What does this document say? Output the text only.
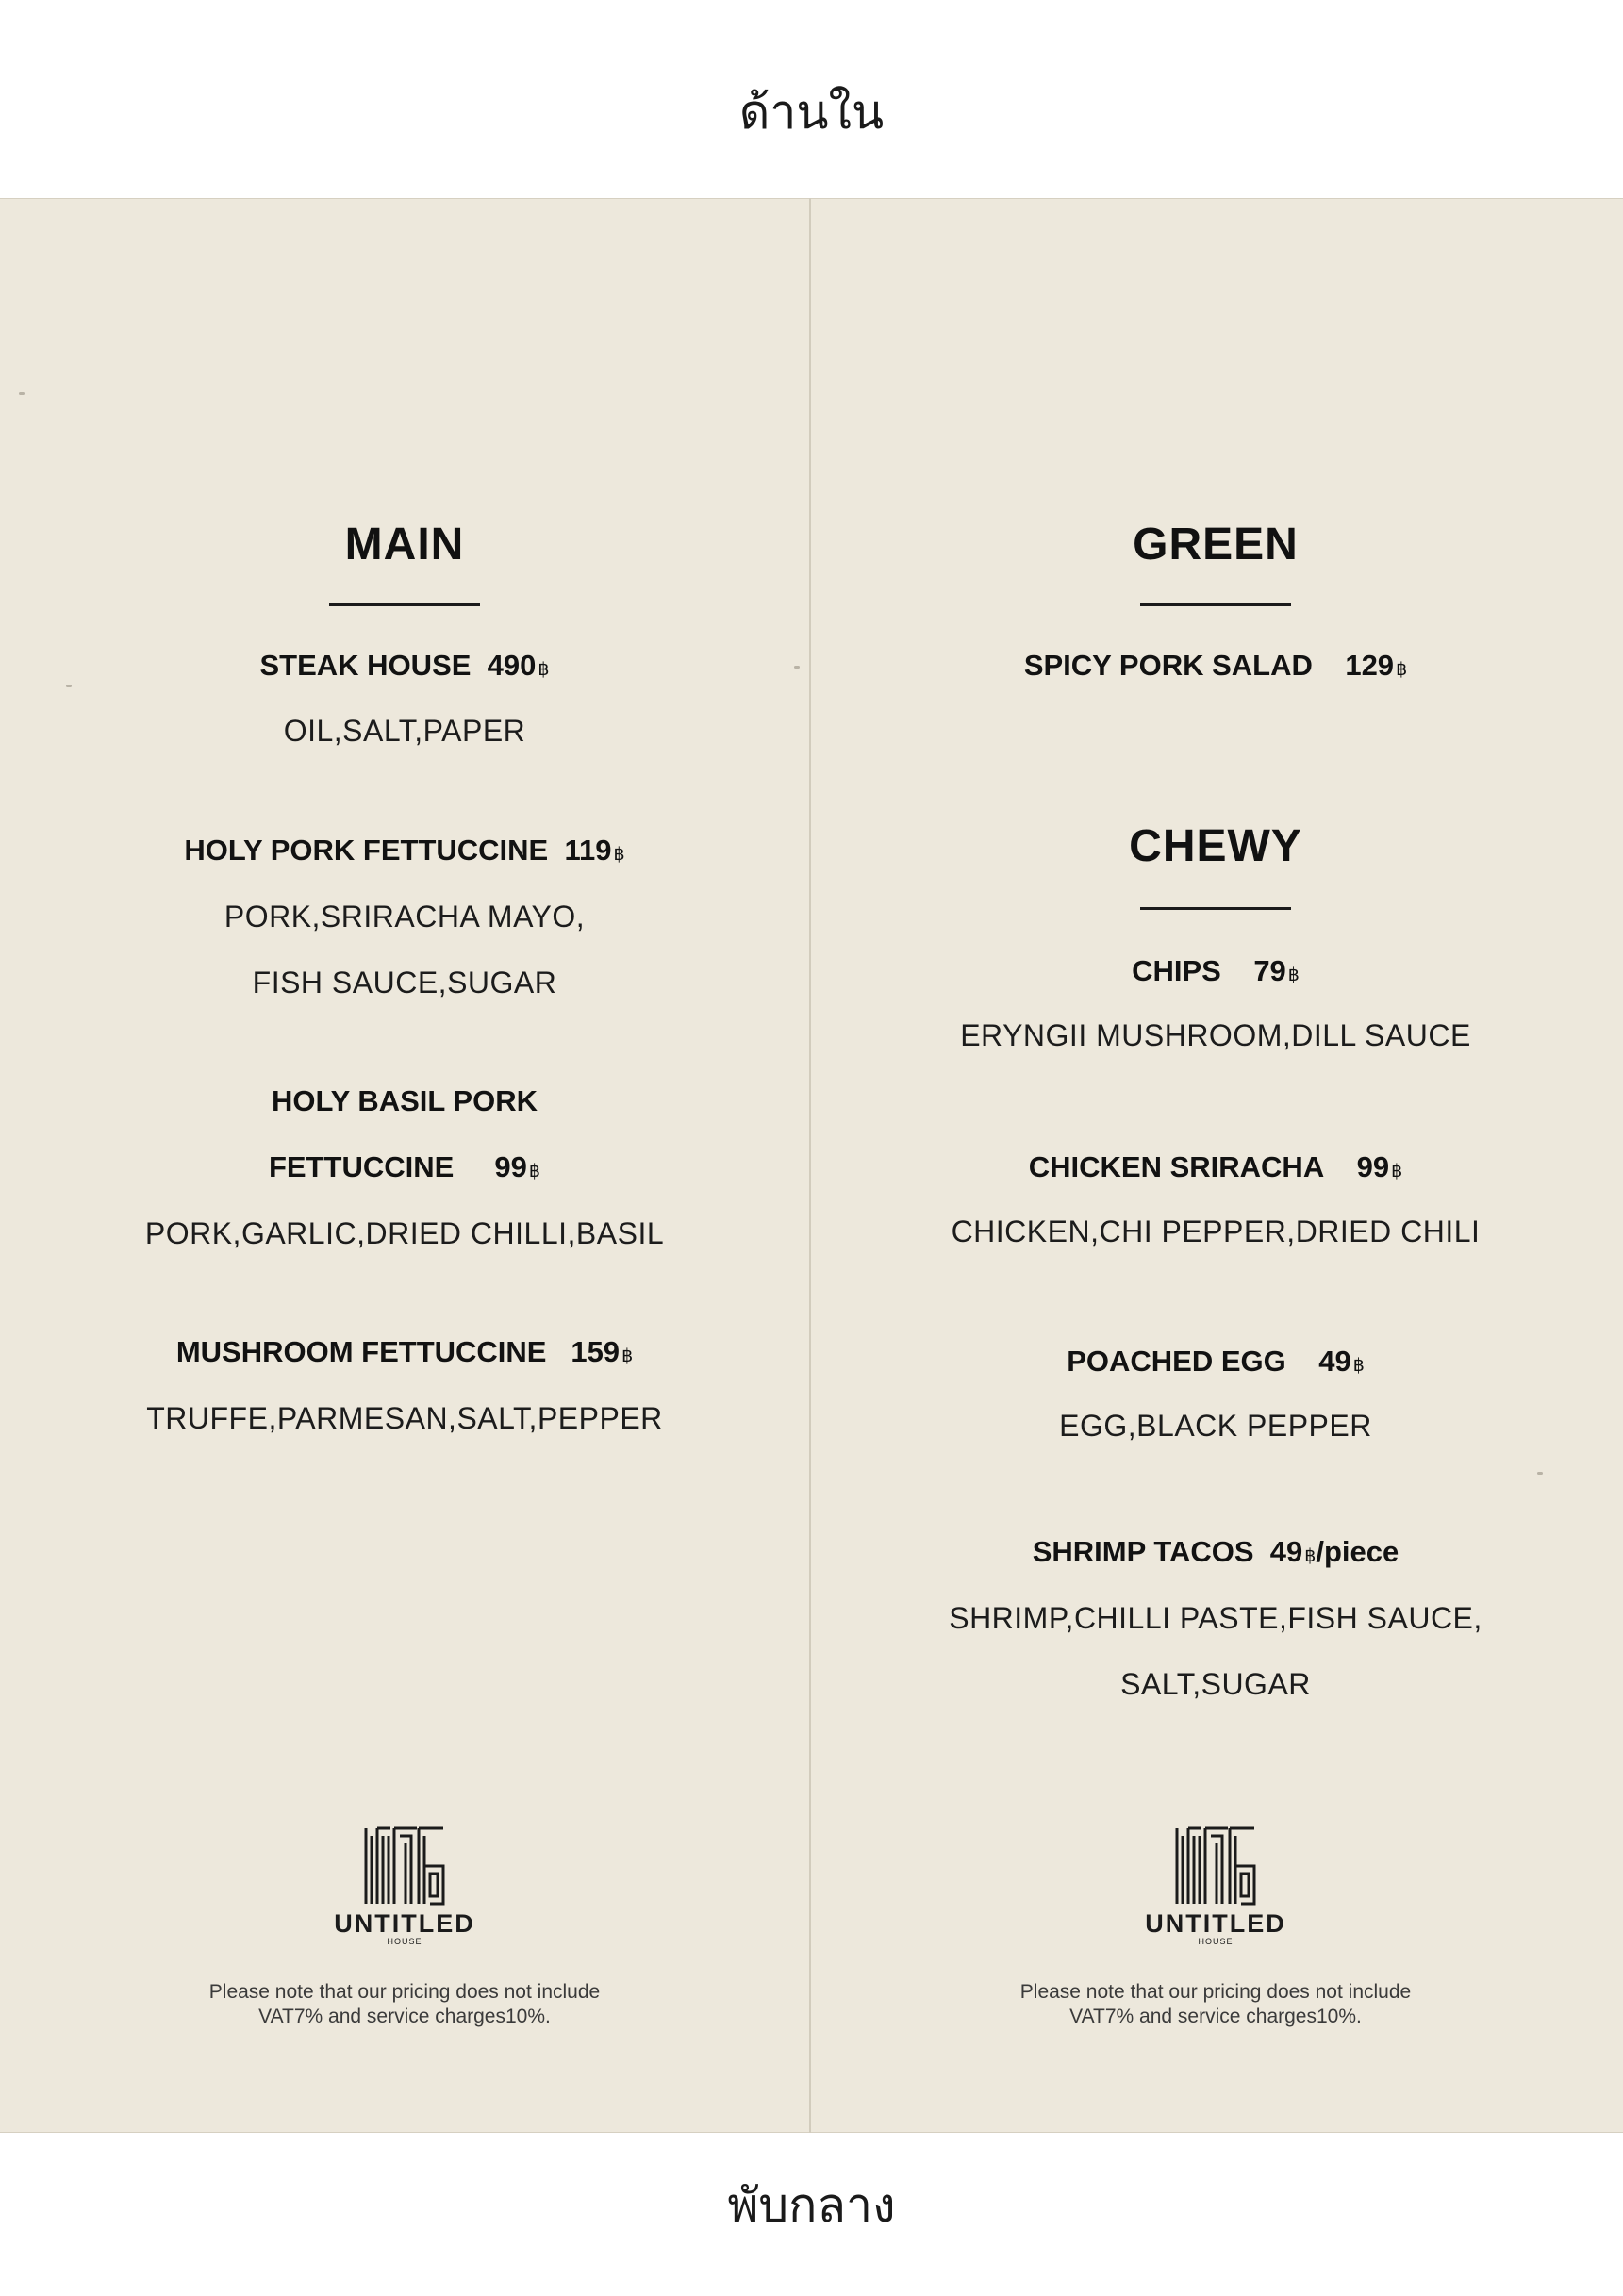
ด้านใน
MAIN
STEAK HOUSE 490 ฿
OIL,SALT,PAPER
HOLY PORK FETTUCCINE 119 ฿
PORK,SRIRACHA MAYO,
FISH SAUCE,SUGAR
HOLY BASIL PORK
FETTUCCINE 99 ฿
PORK,GARLIC,DRIED CHILLI,BASIL
MUSHROOM FETTUCCINE 159 ฿
TRUFFE,PARMESAN,SALT,PEPPER
UNTITLED
HOUSE
Please note that our pricing does not include
VAT7% and service charges10%.
GREEN
SPICY PORK SALAD 129 ฿
CHEWY
CHIPS 79 ฿
ERYNGII MUSHROOM,DILL SAUCE
CHICKEN SRIRACHA 99 ฿
CHICKEN,CHI PEPPER,DRIED CHILI
POACHED EGG 49 ฿
EGG,BLACK PEPPER
SHRIMP TACOS 49 ฿/piece
SHRIMP,CHILLI PASTE,FISH SAUCE,
SALT,SUGAR
UNTITLED
HOUSE
Please note that our pricing does not include
VAT7% and service charges10%.
พับกลาง
